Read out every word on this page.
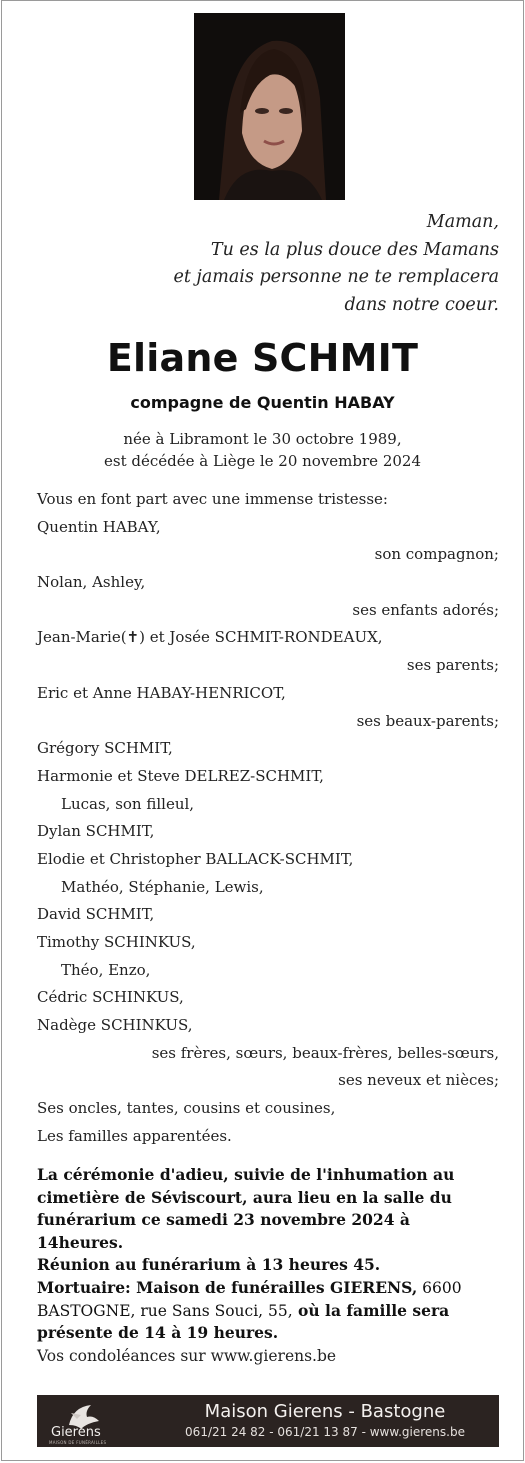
Maman,
Tu es la plus douce des Mamans
et jamais personne ne te remplacera
dans notre coeur.
Eliane SCHMIT
compagne de Quentin HABAY
née à Libramont le 30 octobre 1989,
est décédée à Liège le 20 novembre 2024
Vous en font part avec une immense tristesse:
Quentin HABAY,
son compagnon;
Nolan, Ashley,
ses enfants adorés;
Jean-Marie(✝) et Josée SCHMIT-RONDEAUX,
ses parents;
Eric et Anne HABAY-HENRICOT,
ses beaux-parents;
Grégory SCHMIT,
Harmonie et Steve DELREZ-SCHMIT,
Lucas, son filleul,
Dylan SCHMIT,
Elodie et Christopher BALLACK-SCHMIT,
Mathéo, Stéphanie, Lewis,
David SCHMIT,
Timothy SCHINKUS,
Théo, Enzo,
Cédric SCHINKUS,
Nadège SCHINKUS,
ses frères, sœurs, beaux-frères, belles-sœurs,
ses neveux et nièces;
Ses oncles, tantes, cousins et cousines,
Les familles apparentées.
La cérémonie d'adieu, suivie de l'inhumation au cimetière de Séviscourt, aura lieu en la salle du funérarium ce samedi 23 novembre 2024 à 14heures.
Réunion au funérarium à 13 heures 45.
Mortuaire: Maison de funérailles GIERENS, 6600 BASTOGNE, rue Sans Souci, 55, où la famille sera présente de 14 à 19 heures.
Vos condoléances sur www.gierens.be
Gierens
MAISON DE FUNÉRAILLES
Maison Gierens - Bastogne
061/21 24 82 - 061/21 13 87 - www.gierens.be
